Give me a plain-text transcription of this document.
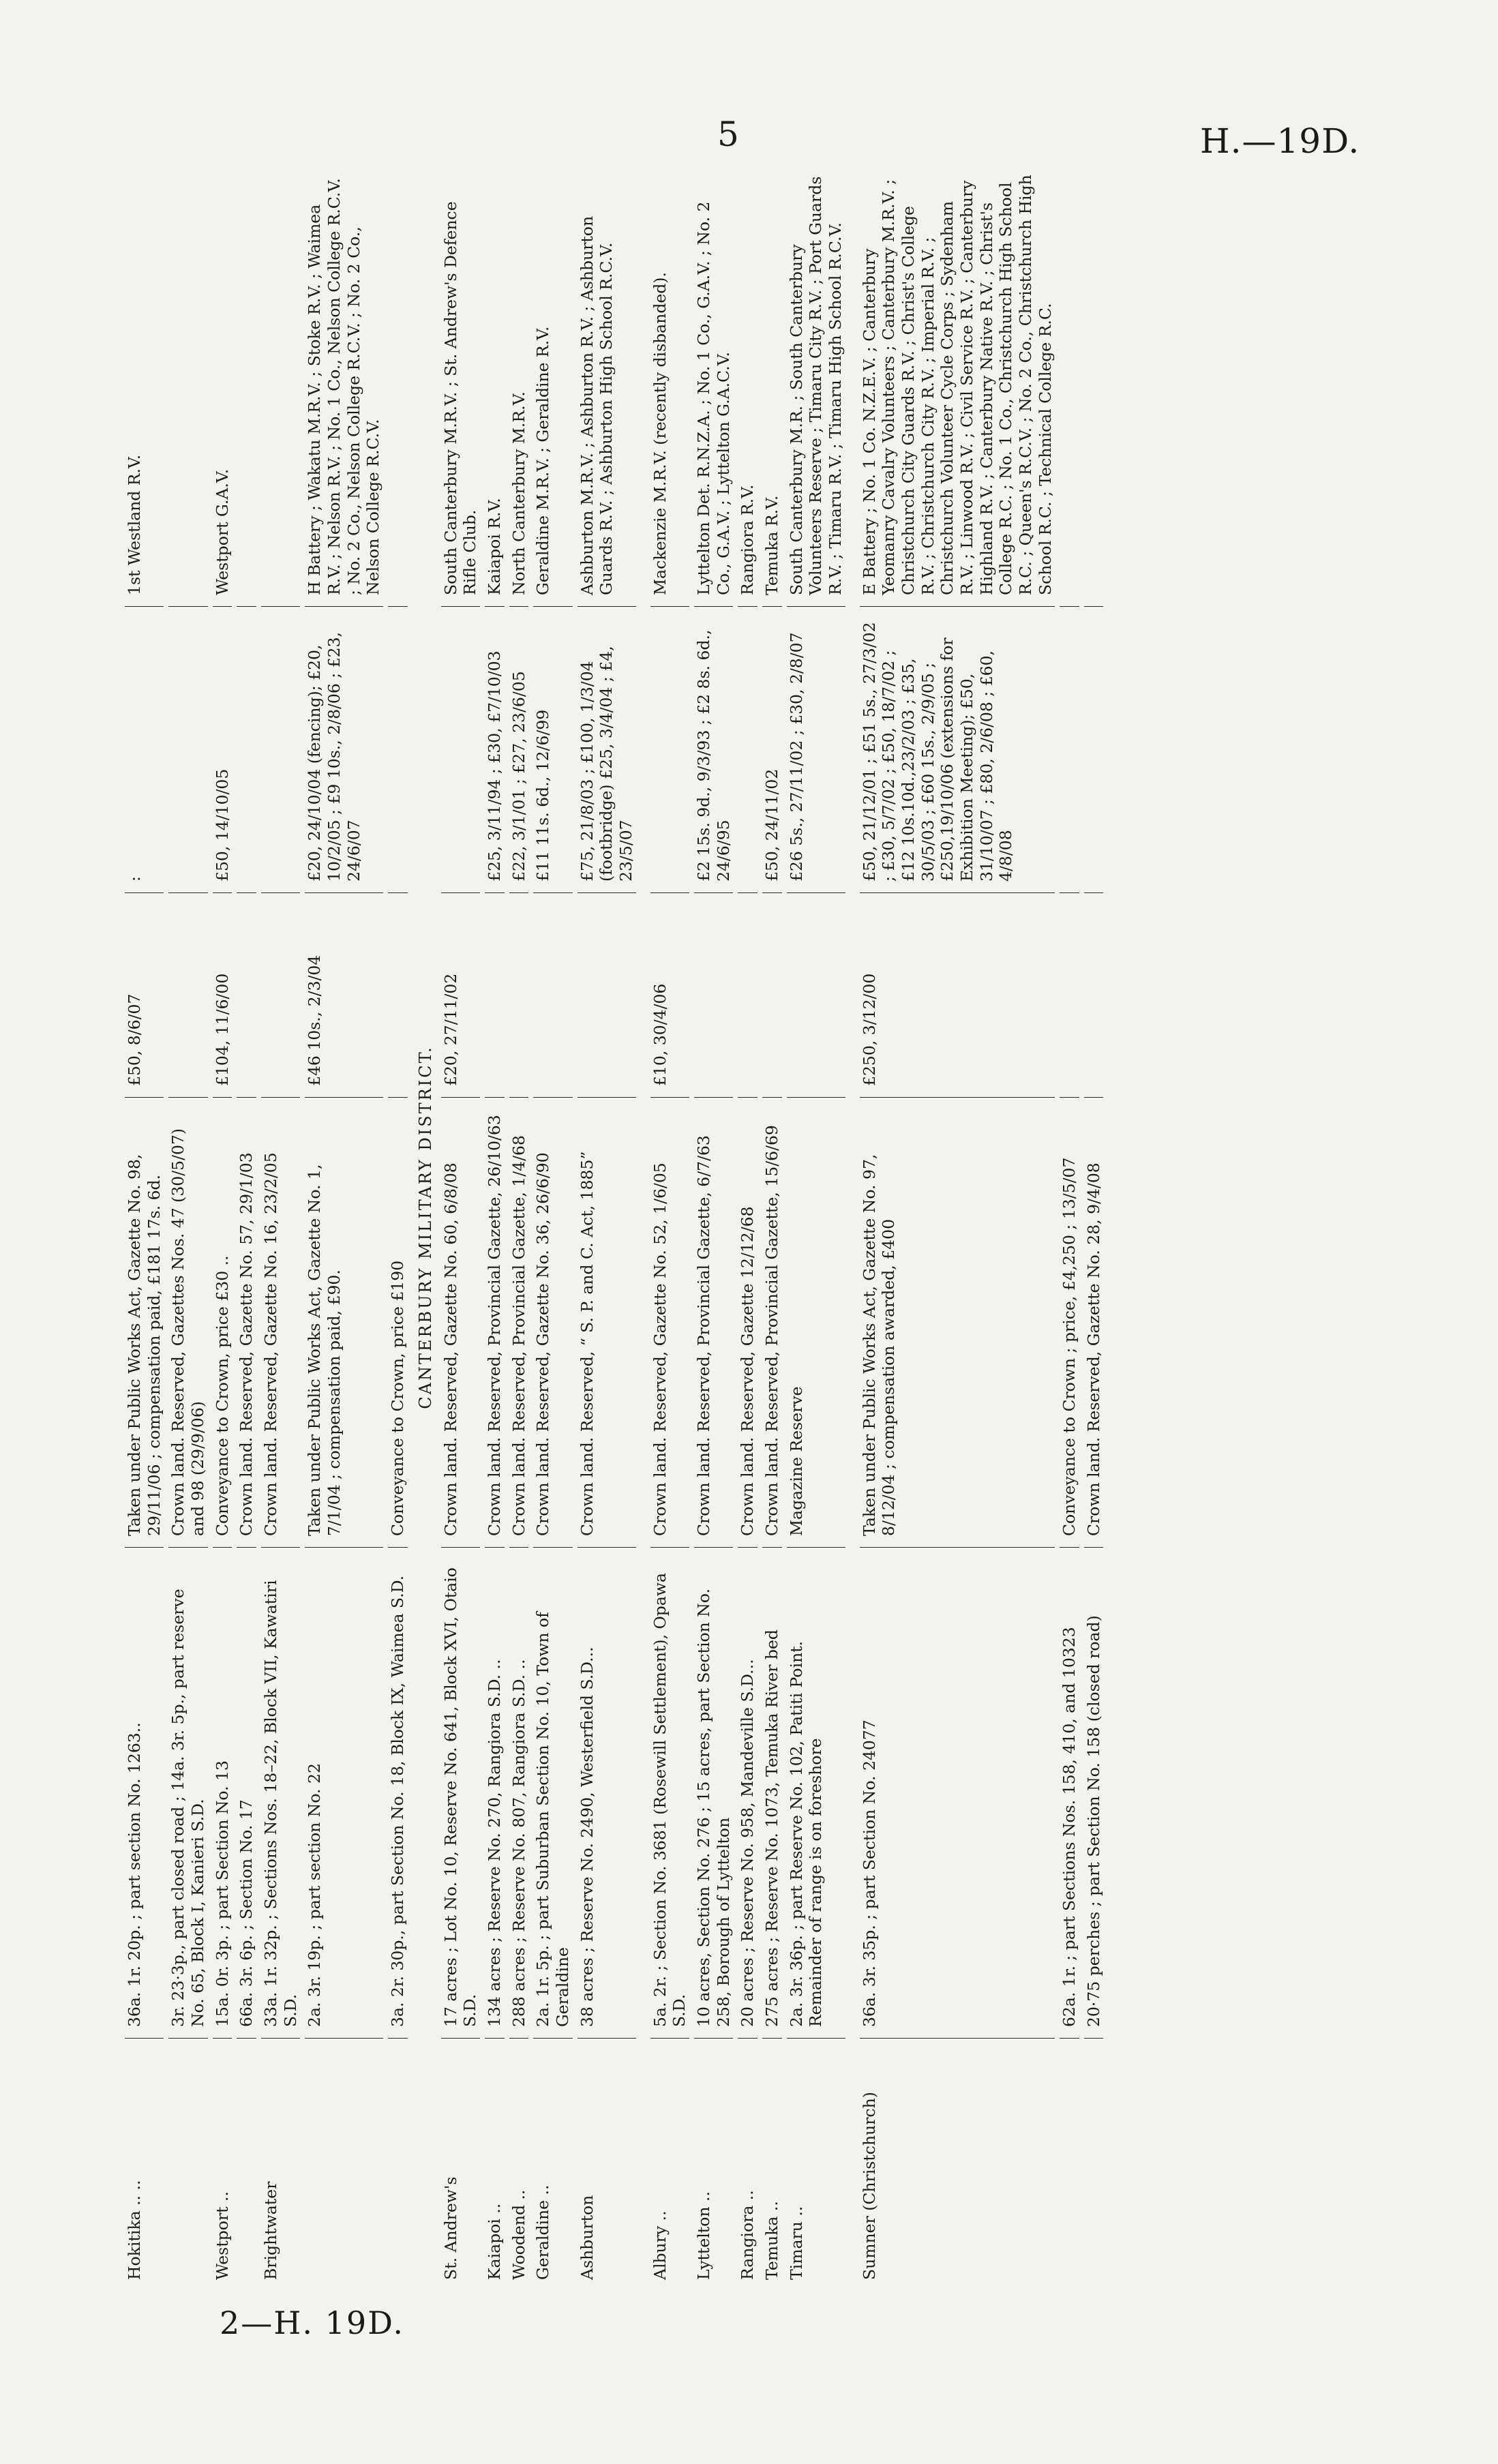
5	H.—19D.
Hokitika .. ..
36a. 1r. 20p. ; part section No. 1263..
Taken under Public Works Act, Gazette No. 98, 29/11/06 ; compensation paid, £181 17s. 6d.
£50, 8/6/07
:
1st Westland R.V.
3r. 23·3p., part closed road ; 14a. 3r. 5p., part reserve No. 65, Block I, Kanieri S.D.
Crown land. Reserved, Gazettes Nos. 47 (30/5/07) and 98 (29/9/06)
Westport ..
15a. 0r. 3p. ; part Section No. 13
Conveyance to Crown, price £30 ..
£104, 11/6/00
£50, 14/10/05
Westport G.A.V.
66a. 3r. 6p. ; Section No. 17
Crown land. Reserved, Gazette No. 57, 29/1/03
Brightwater
33a. 1r. 32p. ; Sections Nos. 18–22, Block VII, Kawatiri S.D.
Crown land. Reserved, Gazette No. 16, 23/2/05
2a. 3r. 19p. ; part section No. 22
Taken under Public Works Act, Gazette No. 1, 7/1/04 ; compensation paid, £90.
£46 10s., 2/3/04
£20, 24/10/04 (fencing); £20, 10/2/05 ; £9 10s., 2/8/06 ; £23, 24/6/07
H Battery ; Wakatu M.R.V. ; Stoke R.V. ; Waimea R.V. ; Nelson R.V. ; No. 1 Co., Nelson College R.C.V. ; No. 2 Co., Nelson College R.C.V. ; No. 2 Co., Nelson College R.C.V.
3a. 2r. 30p., part Section No. 18, Block IX, Waimea S.D.
Conveyance to Crown, price £190 CANTERBURY MILITARY DISTRICT.
St. Andrew's
17 acres ; Lot No. 10, Reserve No. 641, Block XVI, Otaio S.D.
Crown land. Reserved, Gazette No. 60, 6/8/08
£20, 27/11/02
South Canterbury M.R.V. ; St. Andrew's Defence Rifle Club.
Kaiapoi ..
134 acres ; Reserve No. 270, Rangiora S.D. ..
Crown land. Reserved, Provincial Gazette, 26/10/63
£25, 3/11/94 ; £30, £7/10/03
Kaiapoi R.V.
Woodend ..
288 acres ; Reserve No. 807, Rangiora S.D. ..
Crown land. Reserved, Provincial Gazette, 1/4/68
£22, 3/1/01 ; £27, 23/6/05
North Canterbury M.R.V.
Geraldine ..
2a. 1r. 5p. ; part Suburban Section No. 10, Town of Geraldine
Crown land. Reserved, Gazette No. 36, 26/6/90
£11 11s. 6d., 12/6/99
Geraldine M.R.V. ; Geraldine R.V.
Ashburton
38 acres ; Reserve No. 2490, Westerfield S.D...
Crown land. Reserved, “ S. P. and C. Act, 1885”
£75, 21/8/03 ; £100, 1/3/04 (footbridge) £25, 3/4/04 ; £4, 23/5/07
Ashburton M.R.V. ; Ashburton R.V. ; Ashburton Guards R.V. ; Ashburton High School R.C.V.
Albury ..
5a. 2r. ; Section No. 3681 (Rosewill Settlement), Opawa S.D.
Crown land. Reserved, Gazette No. 52, 1/6/05
£10, 30/4/06
Mackenzie M.R.V. (recently disbanded).
Lyttelton ..
10 acres, Section No. 276 ; 15 acres, part Section No. 258, Borough of Lyttelton
Crown land. Reserved, Provincial Gazette, 6/7/63
£2 15s. 9d., 9/3/93 ; £2 8s. 6d., 24/6/95
Lyttelton Det. R.N.Z.A. ; No. 1 Co., G.A.V. ; No. 2 Co., G.A.V. ; Lyttelton G.A.C.V.
Rangiora ..
20 acres ; Reserve No. 958, Mandeville S.D...
Crown land. Reserved, Gazette 12/12/68
Rangiora R.V.
Temuka ..
275 acres ; Reserve No. 1073, Temuka River bed
Crown land. Reserved, Provincial Gazette, 15/6/69
£50, 24/11/02
Temuka R.V.
Timaru ..
2a. 3r. 36p. ; part Reserve No. 102, Patiti Point. Remainder of range is on foreshore
Magazine Reserve
£26 5s., 27/11/02 ; £30, 2/8/07
South Canterbury M.R. ; South Canterbury Volunteers Reserve ; Timaru City R.V. ; Port Guards R.V. ; Timaru R.V. ; Timaru High School R.C.V.
Sumner (Christchurch)
36a. 3r. 35p. ; part Section No. 24077
Taken under Public Works Act, Gazette No. 97, 8/12/04 ; compensation awarded, £400
£250, 3/12/00
£50, 21/12/01 ; £51 5s., 27/3/02 ; £30, 5/7/02 ; £50, 18/7/02 ; £12 10s.10d.,23/2/03 ; £35, 30/5/03 ; £60 15s., 2/9/05 ; £250,19/10/06 (extensions for Exhibition Meeting); £50, 31/10/07 ; £80, 2/6/08 ; £60, 4/8/08
E Battery ; No. 1 Co. N.Z.E.V. ; Canterbury Yeomanry Cavalry Volunteers ; Canterbury M.R.V. ; Christchurch City Guards R.V. ; Christ's College R.V. ; Christchurch City R.V. ; Imperial R.V. ; Christchurch Volunteer Cycle Corps ; Sydenham R.V. ; Linwood R.V. ; Civil Service R.V. ; Canterbury Highland R.V. ; Canterbury Native R.V. ; Christ's College R.C. ; No. 1 Co., Christchurch High School R.C. ; Queen's R.C.V. ; No. 2 Co., Christchurch High School R.C. ; Technical College R.C.
62a. 1r. ; part Sections Nos. 158, 410, and 10323
Conveyance to Crown ; price, £4,250 ; 13/5/07
20·75 perches ; part Section No. 158 (closed road)
Crown land. Reserved, Gazette No. 28, 9/4/08
2—H. 19D.
